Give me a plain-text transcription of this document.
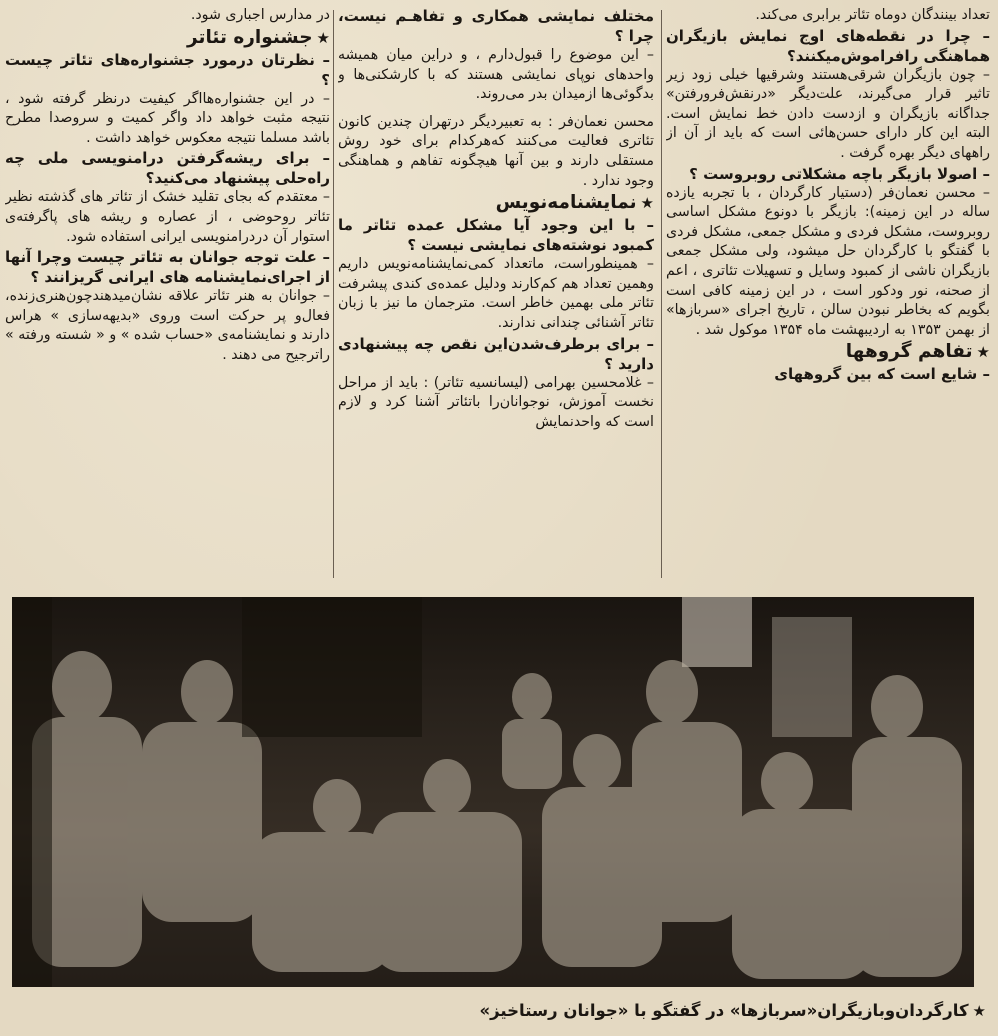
تعداد بینندگان دوماه تئاتر برابری می‌کند.

– چرا در نقطه‌های اوج نمایش بازیگران هماهنگی رافراموش‌میکنند؟

– چون بازیگران شرقی‌هستند وشرقیها خیلی زود زیر تاثیر قرار می‌گیرند، علت‌دیگر «درنقش‌فرورفتن» جداگانه بازیگران و ازدست دادن خط نمایش است. البته این کار دارای حسن‌هائی است که باید از آن از راههای دیگر بهره گرفت .

– اصولا بازیگر باچه مشکلاتی روبروست ؟

– محسن نعمان‌فر (دستیار کارگردان ، با تجربه یازده ساله در این زمینه): بازیگر با دونوع مشکل اساسی روبروست، مشکل فردی و مشکل جمعی، مشکل فردی با گفتگو با کارگردان حل میشود، ولی مشکل جمعی بازیگران ناشی از کمبود وسایل و تسهیلات تئاتری ، اعم از صحنه، نور ودکور است ، در این زمینه کافی است بگویم که بخاطر نبودن سالن ، تاریخ اجرای «سربازها» از بهمن ۱۳۵۳ به اردیبهشت ماه ۱۳۵۴ موکول شد .

★تفاهم گروهها

– شایع است که بین گروههای

مختلف نمایشی همکاری و تفاهـم نیست، چرا ؟

– این موضوع را قبول‌دارم ، و دراین میان همیشه واحدهای نوپای نمایشی هستند که با کارشکنی‌ها و بدگوئی‌ها ازمیدان بدر می‌روند.

محسن نعمان‌فر : به تعبیردیگر درتهران چندین کانون تئاتری فعالیت می‌کنند که‌هرکدام برای خود روش مستقلی دارند و بین آنها هیچگونه تفاهم و هماهنگی وجود ندارد .

★نمایشنامه‌نویس

– با این وجود آیا مشکل عمده تئاتر ما کمبود نوشته‌های نمایشی نیست ؟

– همینطوراست، ماتعداد کمی‌نمایشنامه‌نویس داریم وهمین تعداد هم کم‌کارند ودلیل عمده‌ی کندی پیشرفت تئاتر ملی بهمین خاطر است. مترجمان ما نیز با زبان تئاتر آشنائی چندانی ندارند.

– برای برطرف‌شدن‌این نقص چه پیشنهادی دارید ؟

– غلامحسین بهرامی (لیسانسیه تئاتر) : باید از مراحل نخست آموزش، نوجوانان‌را باتئاتر آشنا کرد و لازم است که واحدنمایش

در مدارس اجباری شود.

★جشنواره تئاتر

– نظرتان درمورد جشنواره‌های تئاتر چیست ؟

– در این جشنواره‌هااگر کیفیت درنظر گرفته شود ، نتیجه مثبت خواهد داد واگر کمیت و سروصدا مطرح باشد مسلما نتیجه معکوس خواهد داشت .

– برای ریشه‌گرفتن درامنویسی ملی چه راه‌حلی پیشنهاد می‌کنید؟

– معتقدم که بجای تقلید خشک از تئاتر های گذشته نظیر تئاتر روحوضی ، از عصاره و ریشه های پاگرفته‌ی استوار آن دردرامنویسی ایرانی استفاده شود.

– علت توجه جوانان به تئاتر چیست وچرا آنها از اجرای‌نمایشنامه های ایرانی گریزانند ؟

– جوانان به هنر تئاتر علاقه نشان‌میدهندچون‌هنری‌زنده، فعال‌و پر حرکت است وروی «بدیهه‌سازی » هراس دارند و نمایشنامه‌ی «حساب شده » و « شسته ورفته » راترجیح می دهند .

★کارگردان‌وبازیگران«سربازها» در گفتگو با «جوانان رستاخیز»
